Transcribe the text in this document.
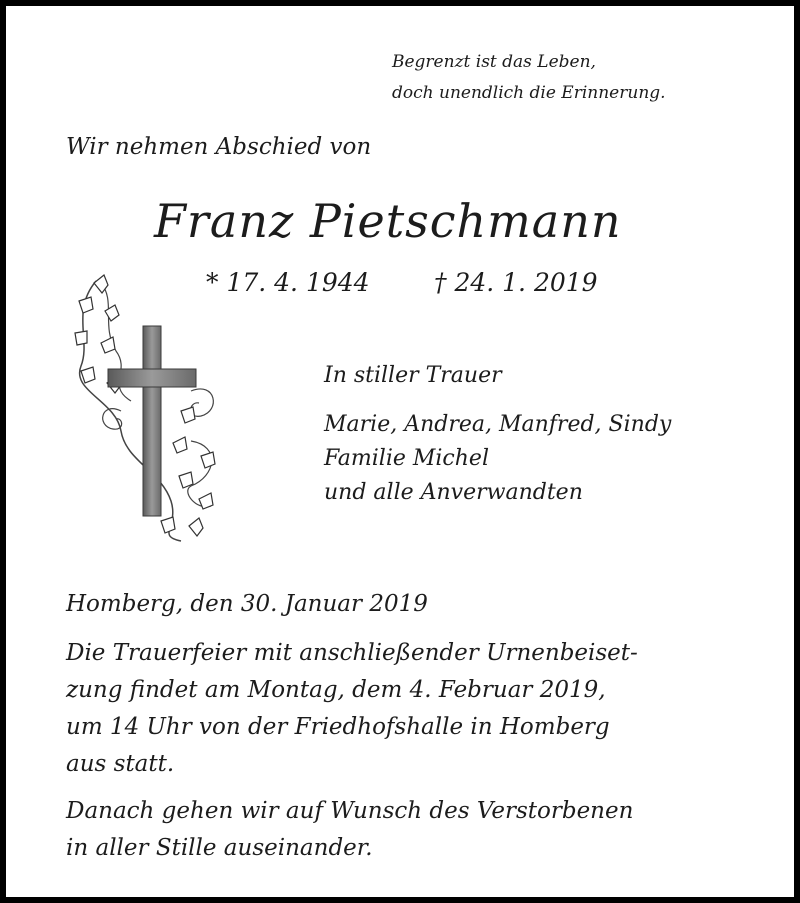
Begrenzt ist das Leben,
doch unendlich die Erinnerung.
Wir nehmen Abschied von
Franz Pietschmann
* 17. 4. 1944	† 24. 1. 2019
In stiller Trauer
Marie, Andrea, Manfred, Sindy
Familie Michel
und alle Anverwandten
Homberg, den 30. Januar 2019
Die Trauerfeier mit anschließender Urnenbeiset-
zung findet am Montag, dem 4. Februar 2019,
um 14 Uhr von der Friedhofshalle in Homberg
aus statt.
Danach gehen wir auf Wunsch des Verstorbenen
in aller Stille auseinander.
